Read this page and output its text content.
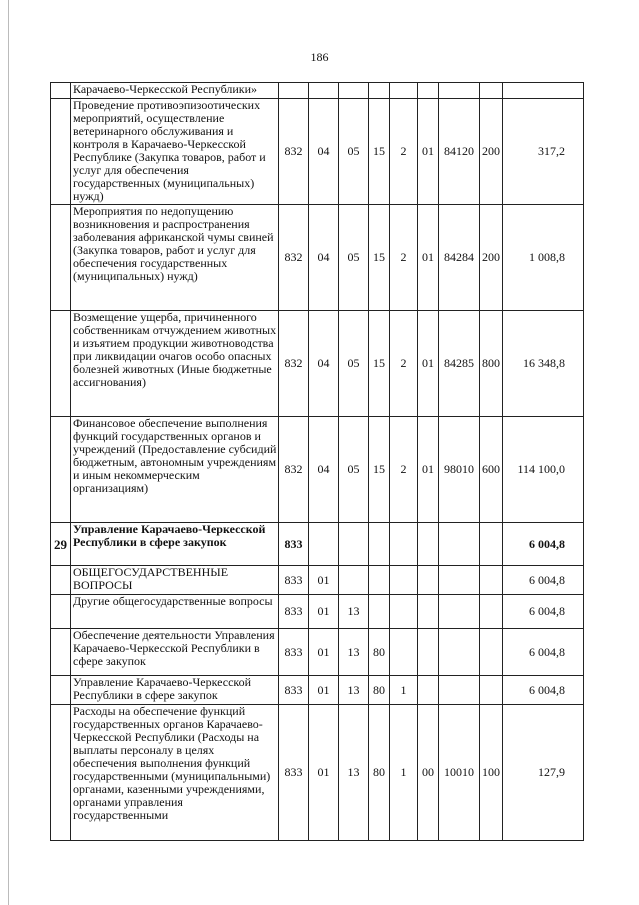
186
	Карачаево-Черкесской Республики»									
	Проведение противоэпизоотических мероприятий, осуществление ветеринарного обслуживания и контроля в Карачаево-Черкесской Республике (Закупка товаров, работ и услуг для обеспечения государственных (муниципальных) нужд)	832	04	05	15	2	01	84120	200	317,2
	Мероприятия по недопущению возникновения и распространения заболевания африканской чумы свиней (Закупка товаров, работ и услуг для обеспечения государственных (муниципальных) нужд)	832	04	05	15	2	01	84284	200	1 008,8
	Возмещение ущерба, причиненного собственникам отчуждением животных и изъятием продукции животноводства при ликвидации очагов особо опасных болезней животных (Иные бюджетные ассигнования)	832	04	05	15	2	01	84285	800	16 348,8
	Финансовое обеспечение выполнения функций государственных органов и учреждений (Предоставление субсидий бюджетным, автономным учреждениям и иным некоммерческим организациям)	832	04	05	15	2	01	98010	600	114 100,0
29	Управление Карачаево-Черкесской Республики в сфере закупок	833								6 004,8
	ОБЩЕГОСУДАРСТВЕННЫЕ ВОПРОСЫ	833	01							6 004,8
	Другие общегосударственные вопросы	833	01	13						6 004,8
	Обеспечение деятельности Управления Карачаево-Черкесской Республики в сфере закупок	833	01	13	80					6 004,8
	Управление Карачаево-Черкесской Республики в сфере закупок	833	01	13	80	1				6 004,8
	Расходы на обеспечение функций государственных органов Карачаево-Черкесской Республики (Расходы на выплаты персоналу в целях обеспечения выполнения функций государственными (муниципальными) органами, казенными учреждениями, органами управления государственными	833	01	13	80	1	00	10010	100	127,9
